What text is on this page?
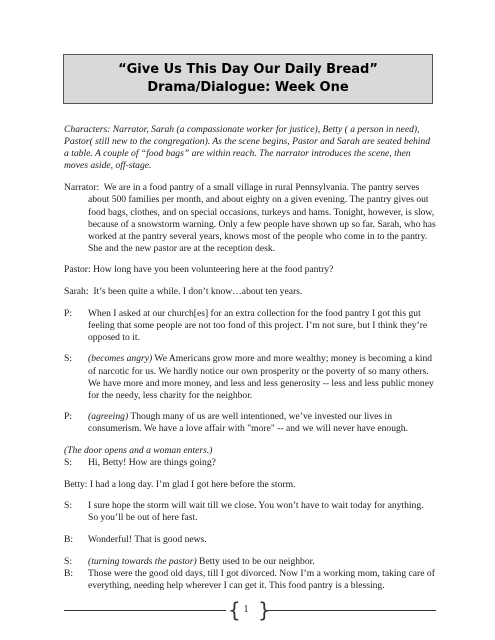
“Give Us This Day Our Daily Bread”
Drama/Dialogue: Week One

Characters: Narrator, Sarah (a compassionate worker for justice), Betty ( a person in need), Pastor( still new to the congregation). As the scene begins, Pastor and Sarah are seated behind a table. A couple of “food bags” are within reach. The narrator introduces the scene, then moves aside, off-stage.

Narrator: We are in a food pantry of a small village in rural Pennsylvania. The pantry serves
about 500 families per month, and about eighty on a given evening. The pantry gives out food bags, clothes, and on special occasions, turkeys and hams. Tonight, however, is slow, because of a snowstorm warning. Only a few people have shown up so far. Sarah, who has worked at the pantry several years, knows most of the people who come in to the pantry. She and the new pastor are at the reception desk.
Pastor:
How long have you been volunteering here at the food pantry?
Sarah:
It’s been quite a while. I don’t know…about ten years.
P:	When I asked at our church[es] for an extra collection for the food pantry I got this gut feeling that some people are not too fond of this project. I’m not sure, but I think they’re opposed to it.
S:	(becomes angry) We Americans grow more and more wealthy; money is becoming a kind of narcotic for us. We hardly notice our own prosperity or the poverty of so many others. We have more and more money, and less and less generosity -- less and less public money for the needy, less charity for the neighbor.
P:	(agreeing) Though many of us are well intentioned, we’ve invested our lives in consumerism. We have a love affair with "more" -- and we will never have enough.
(The door opens and a woman enters.)
S:	Hi, Betty! How are things going?
Betty:
I had a long day. I’m glad I got here before the storm.
S:	I sure hope the storm will wait till we close. You won’t have to wait today for anything. So you’ll be out of here fast.
B:	Wonderful! That is good news.
S:	(turning towards the pastor) Betty used to be our neighbor.
B:	Those were the good old days, till I got divorced. Now I’m a working mom, taking care of everything, needing help wherever I can get it. This food pantry is a blessing.
{ 1 }
